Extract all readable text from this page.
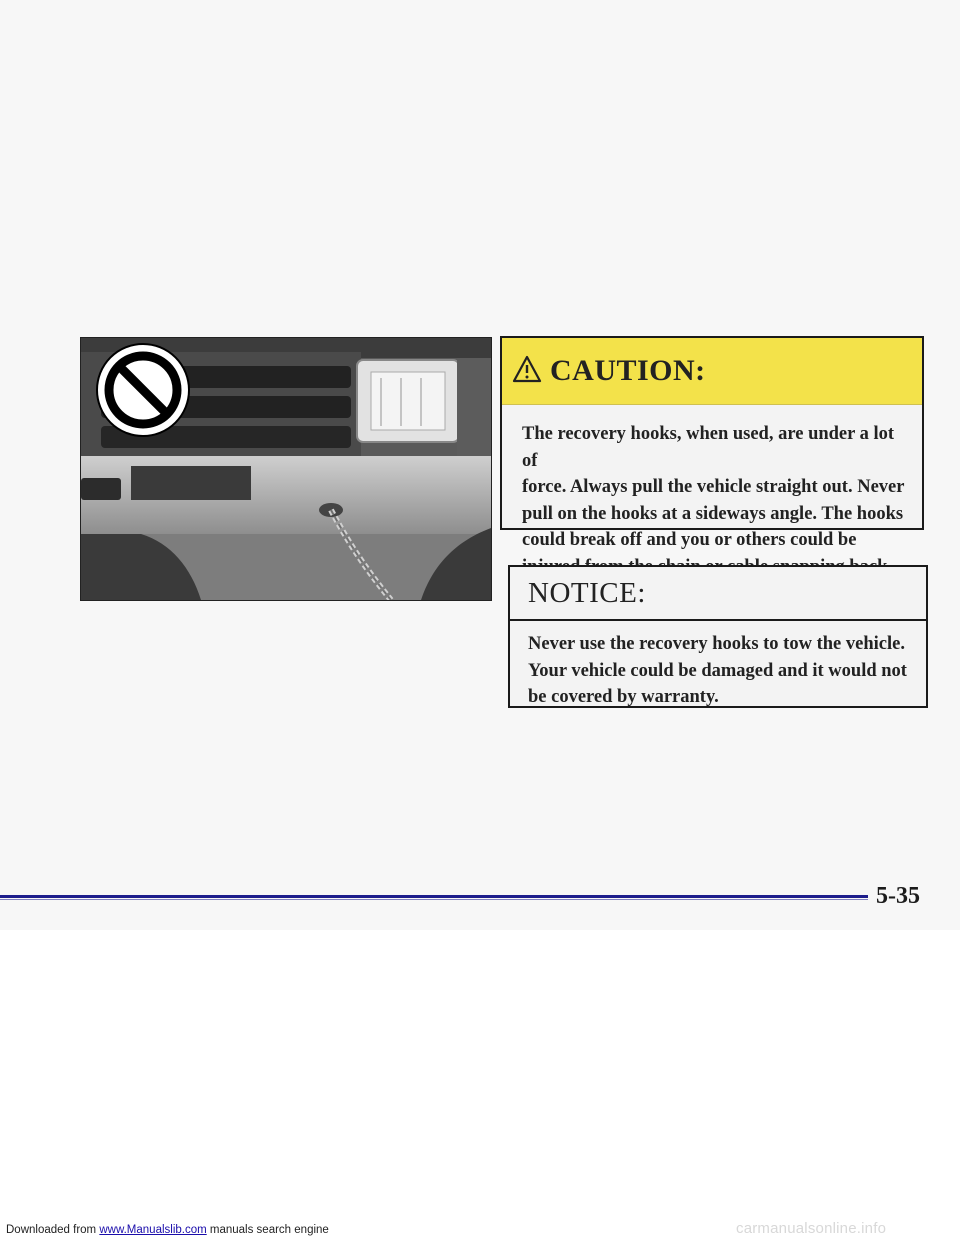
CAUTION:
The recovery hooks, when used, are under a lot of
force. Always pull the vehicle straight out. Never
pull on the hooks at a sideways angle. The hooks
could break off and you or others could be
NOTICE:
Never use the recovery hooks to tow the vehicle.
Your vehicle could be damaged and it would not
be covered by warranty.
5-35
Downloaded from www.Manualslib.com manuals search engine	carmanualsonline.info
